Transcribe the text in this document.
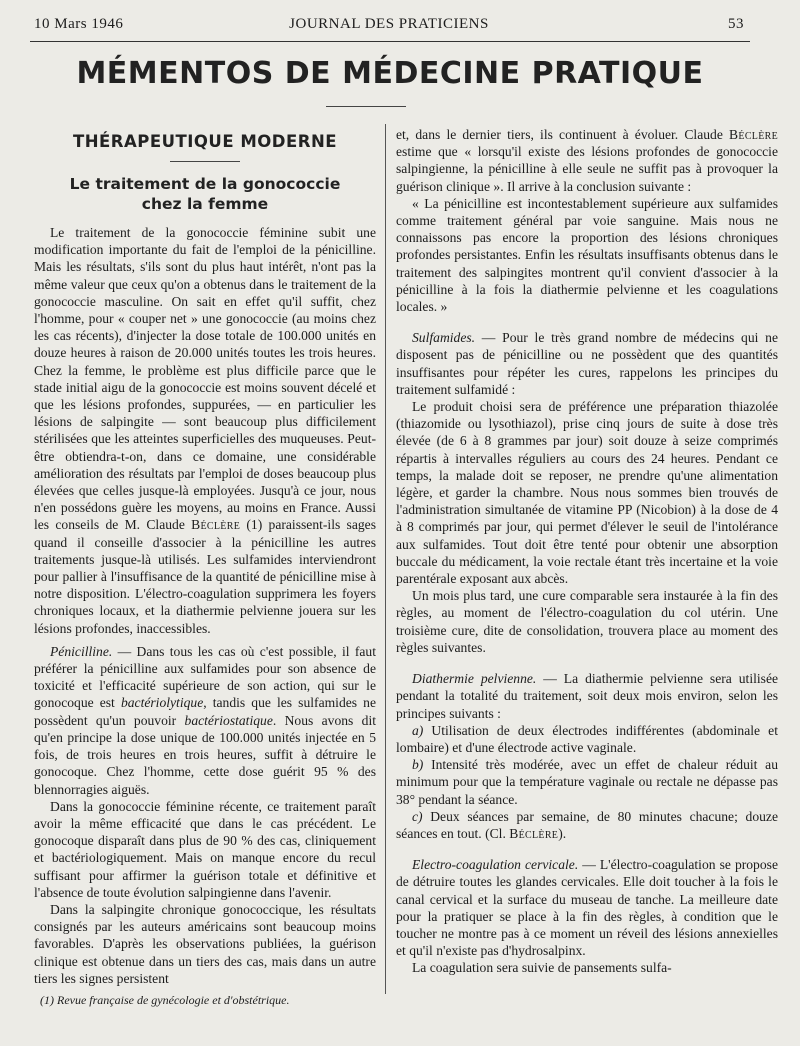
10 Mars 1946	JOURNAL DES PRATICIENS	53
MÉMENTOS DE MÉDECINE PRATIQUE
THÉRAPEUTIQUE MODERNE
Le traitement de la gonococcie
chez la femme

Le traitement de la gonococcie féminine subit une modification importante du fait de l'emploi de la pénicilline. Mais les résultats, s'ils sont du plus haut intérêt, n'ont pas la même valeur que ceux qu'on a obtenus dans le traitement de la gonococcie masculine. On sait en effet qu'il suffit, chez l'homme, pour « couper net » une gonococcie (au moins chez les cas récents), d'injecter la dose totale de 100.000 unités en douze heures à raison de 20.000 unités toutes les trois heures. Chez la femme, le problème est plus difficile parce que le stade initial aigu de la gonococcie est moins souvent décelé et que les lésions profondes, suppurées, — en particulier les lésions de salpingite — sont beaucoup plus difficilement stérilisées que les atteintes superficielles des muqueuses. Peut-être obtiendra-t-on, dans ce domaine, une considérable amélioration des résultats par l'emploi de doses beaucoup plus élevées que celles jusque-là employées. Jusqu'à ce jour, nous n'en possédons guère les moyens, au moins en France. Aussi les conseils de M. Claude Béclère (1) paraissent-ils sages quand il conseille d'associer à la pénicilline les autres traitements jusque-là utilisés. Les sulfamides interviendront pour pallier à l'insuffisance de la quantité de pénicilline mise à notre disposition. L'électro-coagulation supprimera les foyers chroniques locaux, et la diathermie pelvienne jouera sur les lésions profondes, inaccessibles.

Pénicilline. — Dans tous les cas où c'est possible, il faut préférer la pénicilline aux sulfamides pour son absence de toxicité et l'efficacité supérieure de son action, qui sur le gonocoque est bactériolytique, tandis que les sulfamides ne possèdent qu'un pouvoir bactériostatique. Nous avons dit qu'en principe la dose unique de 100.000 unités injectée en 5 fois, de trois heures en trois heures, suffit à détruire le gonocoque. Chez l'homme, cette dose guérit 95 % des blennorragies aiguës.

Dans la gonococcie féminine récente, ce traitement paraît avoir la même efficacité que dans le cas précédent. Le gonocoque disparaît dans plus de 90 % des cas, cliniquement et bactériologiquement. Mais on manque encore du recul suffisant pour affirmer la guérison totale et définitive et l'absence de toute évolution salpingienne dans l'avenir.

Dans la salpingite chronique gonococcique, les résultats consignés par les auteurs américains sont beaucoup moins favorables. D'après les observations publiées, la guérison clinique est obtenue dans un tiers des cas, mais dans un autre tiers les signes persistent

(1) Revue française de gynécologie et d'obstétrique.

et, dans le dernier tiers, ils continuent à évoluer. Claude Béclère estime que « lorsqu'il existe des lésions profondes de gonococcie salpingienne, la pénicilline à elle seule ne suffit pas à provoquer la guérison clinique ». Il arrive à la conclusion suivante :

« La pénicilline est incontestablement supérieure aux sulfamides comme traitement général par voie sanguine. Mais nous ne connaissons pas encore la proportion des lésions chroniques profondes persistantes. Enfin les résultats insuffisants obtenus dans le traitement des salpingites montrent qu'il convient d'associer à la pénicilline à la fois la diathermie pelvienne et les coagulations locales. »

Sulfamides. — Pour le très grand nombre de médecins qui ne disposent pas de pénicilline ou ne possèdent que des quantités insuffisantes pour répéter les cures, rappelons les principes du traitement sulfamidé :

Le produit choisi sera de préférence une préparation thiazolée (thiazomide ou lysothiazol), prise cinq jours de suite à dose très élevée (de 6 à 8 grammes par jour) soit douze à seize comprimés répartis à intervalles réguliers au cours des 24 heures. Pendant ce temps, la malade doit se reposer, ne prendre qu'une alimentation légère, et garder la chambre. Nous nous sommes bien trouvés de l'administration simultanée de vitamine PP (Nicobion) à la dose de 4 à 8 comprimés par jour, qui permet d'élever le seuil de l'intolérance aux sulfamides. Tout doit être tenté pour obtenir une absorption buccale du médicament, la voie rectale étant très incertaine et la voie parentérale exposant aux abcès.

Un mois plus tard, une cure comparable sera instaurée à la fin des règles, au moment de l'électro-coagulation du col utérin. Une troisième cure, dite de consolidation, trouvera place au moment des règles suivantes.

Diathermie pelvienne. — La diathermie pelvienne sera utilisée pendant la totalité du traitement, soit deux mois environ, selon les principes suivants :

a) Utilisation de deux électrodes indifférentes (abdominale et lombaire) et d'une électrode active vaginale.

b) Intensité très modérée, avec un effet de chaleur réduit au minimum pour que la température vaginale ou rectale ne dépasse pas 38° pendant la séance.

c) Deux séances par semaine, de 80 minutes chacune; douze séances en tout. (Cl. Béclère).

Electro-coagulation cervicale. — L'électro-coagulation se propose de détruire toutes les glandes cervicales. Elle doit toucher à la fois le canal cervical et la surface du museau de tanche. La meilleure date pour la pratiquer se place à la fin des règles, à condition que le toucher ne montre pas à ce moment un réveil des lésions annexielles et qu'il n'existe pas d'hydrosalpinx.

La coagulation sera suivie de pansements sulfa-
